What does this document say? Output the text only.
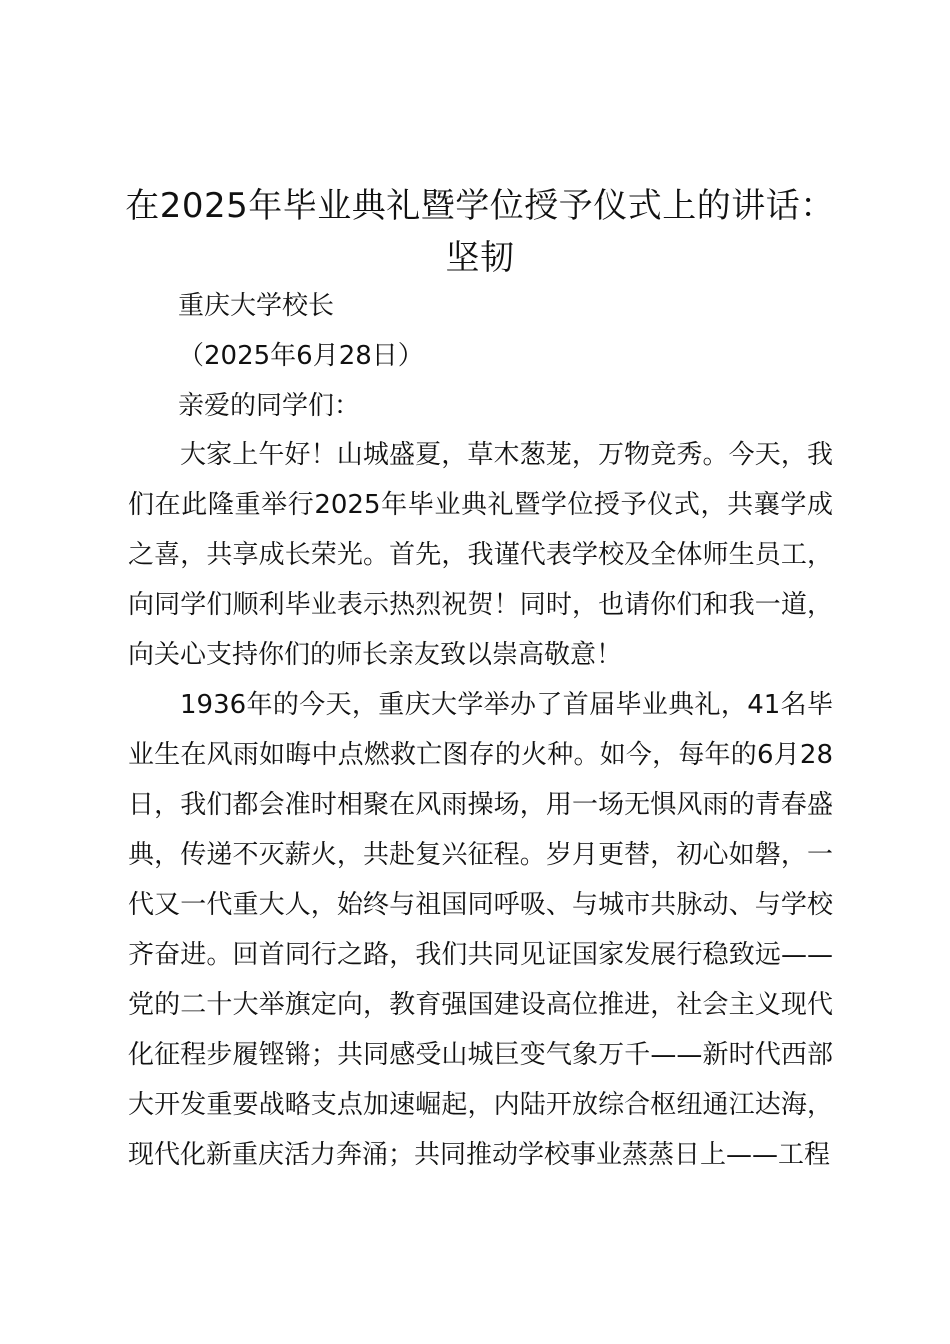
在2025年毕业典礼暨学位授予仪式上的讲话：坚韧

重庆大学校长

（2025年6月28日）

亲爱的同学们：

大家上午好！山城盛夏，草木葱茏，万物竞秀。今天，我们在此隆重举行2025年毕业典礼暨学位授予仪式，共襄学成之喜，共享成长荣光。首先，我谨代表学校及全体师生员工，向同学们顺利毕业表示热烈祝贺！同时，也请你们和我一道，向关心支持你们的师长亲友致以崇高敬意！

1936年的今天，重庆大学举办了首届毕业典礼，41名毕业生在风雨如晦中点燃救亡图存的火种。如今，每年的6月28日，我们都会准时相聚在风雨操场，用一场无惧风雨的青春盛典，传递不灭薪火，共赴复兴征程。岁月更替，初心如磐，一代又一代重大人，始终与祖国同呼吸、与城市共脉动、与学校齐奋进。回首同行之路，我们共同见证国家发展行稳致远——党的二十大举旗定向，教育强国建设高位推进，社会主义现代化征程步履铿锵；共同感受山城巨变气象万千——新时代西部大开发重要战略支点加速崛起，内陆开放综合枢纽通江达海，现代化新重庆活力奔涌；共同推动学校事业蒸蒸日上——工程
